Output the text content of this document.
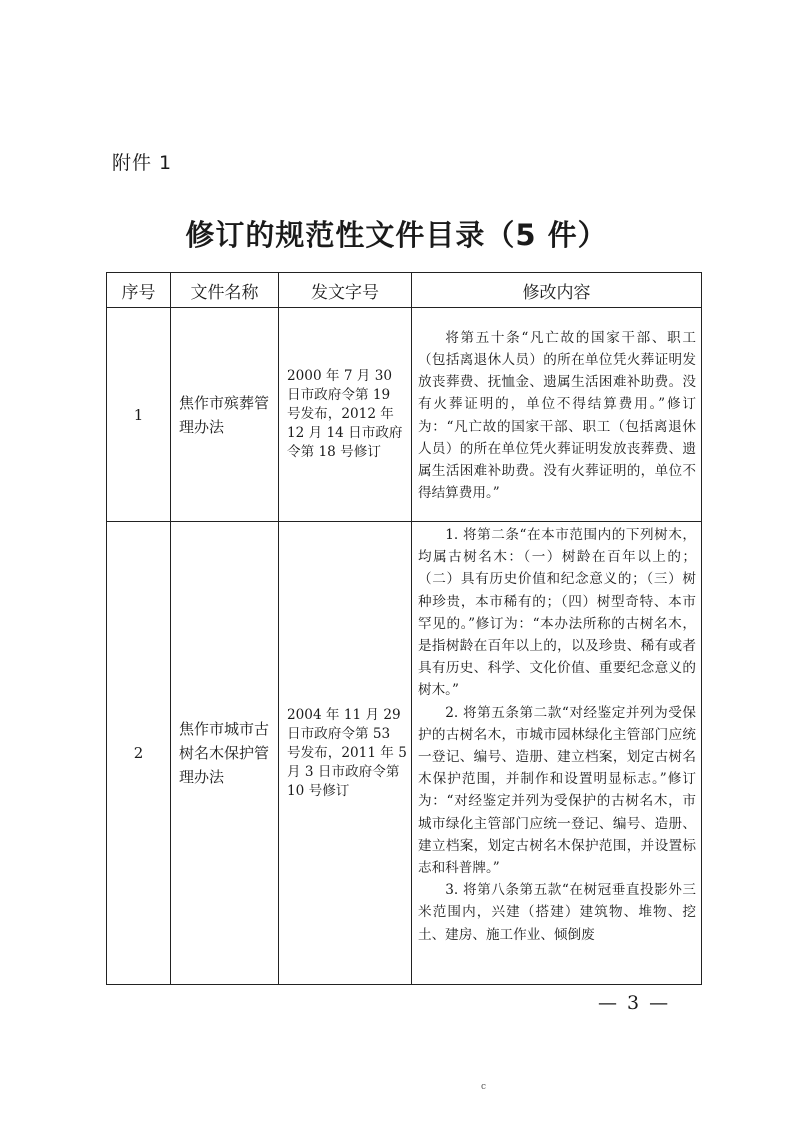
附件 1
修订的规范性文件目录（5 件）
序号	文件名称	发文字号	修改内容
1	焦作市殡葬管理办法	2000 年 7 月 30 日市政府令第 19 号发布，2012 年 12 月 14 日市政府令第 18 号修订	将第五十条“凡亡故的国家干部、职工（包括离退休人员）的所在单位凭火葬证明发放丧葬费、抚恤金、遗属生活困难补助费。没有火葬证明的，单位不得结算费用。”修订为：“凡亡故的国家干部、职工（包括离退休人员）的所在单位凭火葬证明发放丧葬费、遗属生活困难补助费。没有火葬证明的，单位不得结算费用。”

2	焦作市城市古树名木保护管理办法	2004 年 11 月 29 日市政府令第 53 号发布，2011 年 5 月 3 日市政府令第 10 号修订	1. 将第二条“在本市范围内的下列树木，均属古树名木：（一）树龄在百年以上的；（二）具有历史价值和纪念意义的；（三）树种珍贵，本市稀有的；（四）树型奇特、本市罕见的。”修订为：“本办法所称的古树名木，是指树龄在百年以上的，以及珍贵、稀有或者具有历史、科学、文化价值、重要纪念意义的树木。”

2. 将第五条第二款“对经鉴定并列为受保护的古树名木，市城市园林绿化主管部门应统一登记、编号、造册、建立档案，划定古树名木保护范围，并制作和设置明显标志。”修订为：“对经鉴定并列为受保护的古树名木，市城市绿化主管部门应统一登记、编号、造册、建立档案，划定古树名木保护范围，并设置标志和科普牌。”

3. 将第八条第五款“在树冠垂直投影外三米范围内，兴建（搭建）建筑物、堆物、挖土、建房、施工作业、倾倒废

— 3 —
c
